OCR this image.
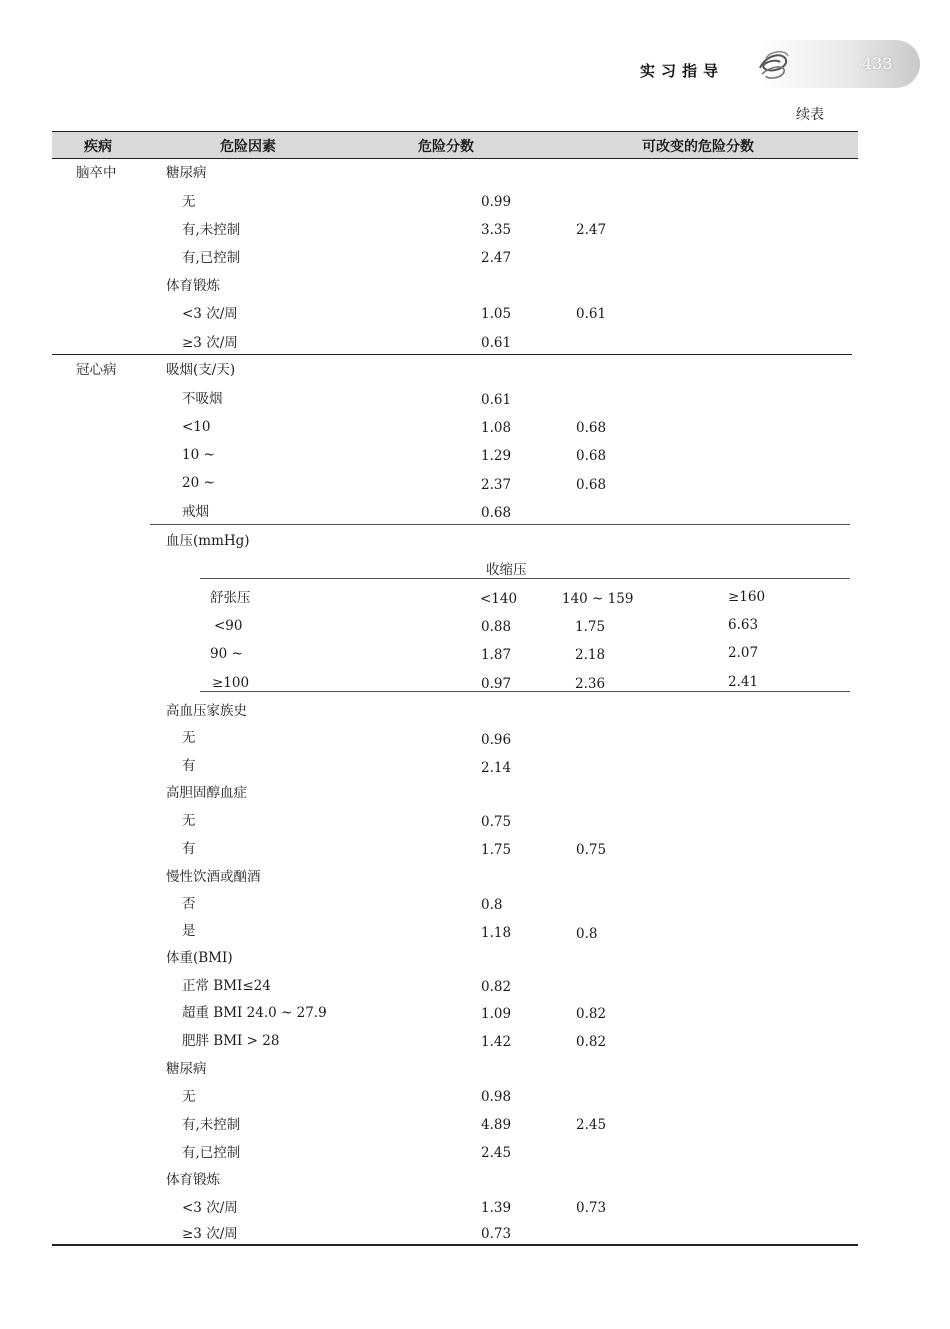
实习指导	433
续表
疾病	危险因素	危险分数	可改变的危险分数
脑卒中	糖尿病
无	0.99
有,未控制	3.35	2.47
有,已控制	2.47
体育锻炼
<3 次/周	1.05	0.61
≥3 次/周	0.61
冠心病	吸烟(支/天)
不吸烟	0.61
<10	1.08	0.68
10 ~	1.29	0.68
20 ~	2.37	0.68
戒烟	0.68
血压(mmHg)
收缩压
舒张压	<140	140 ~ 159	≥160
<90	0.88	1.75	6.63
90 ~	1.87	2.18	2.07
≥100	0.97	2.36	2.41
高血压家族史
无	0.96
有	2.14
高胆固醇血症
无	0.75
有	1.75	0.75
慢性饮酒或酗酒
否	0.8
是	1.18	0.8
体重(BMI)
正常 BMI≤24	0.82
超重 BMI 24.0 ~ 27.9	1.09	0.82
肥胖 BMI > 28	1.42	0.82
糖尿病
无	0.98
有,未控制	4.89	2.45
有,已控制	2.45
体育锻炼
<3 次/周	1.39	0.73
≥3 次/周	0.73
